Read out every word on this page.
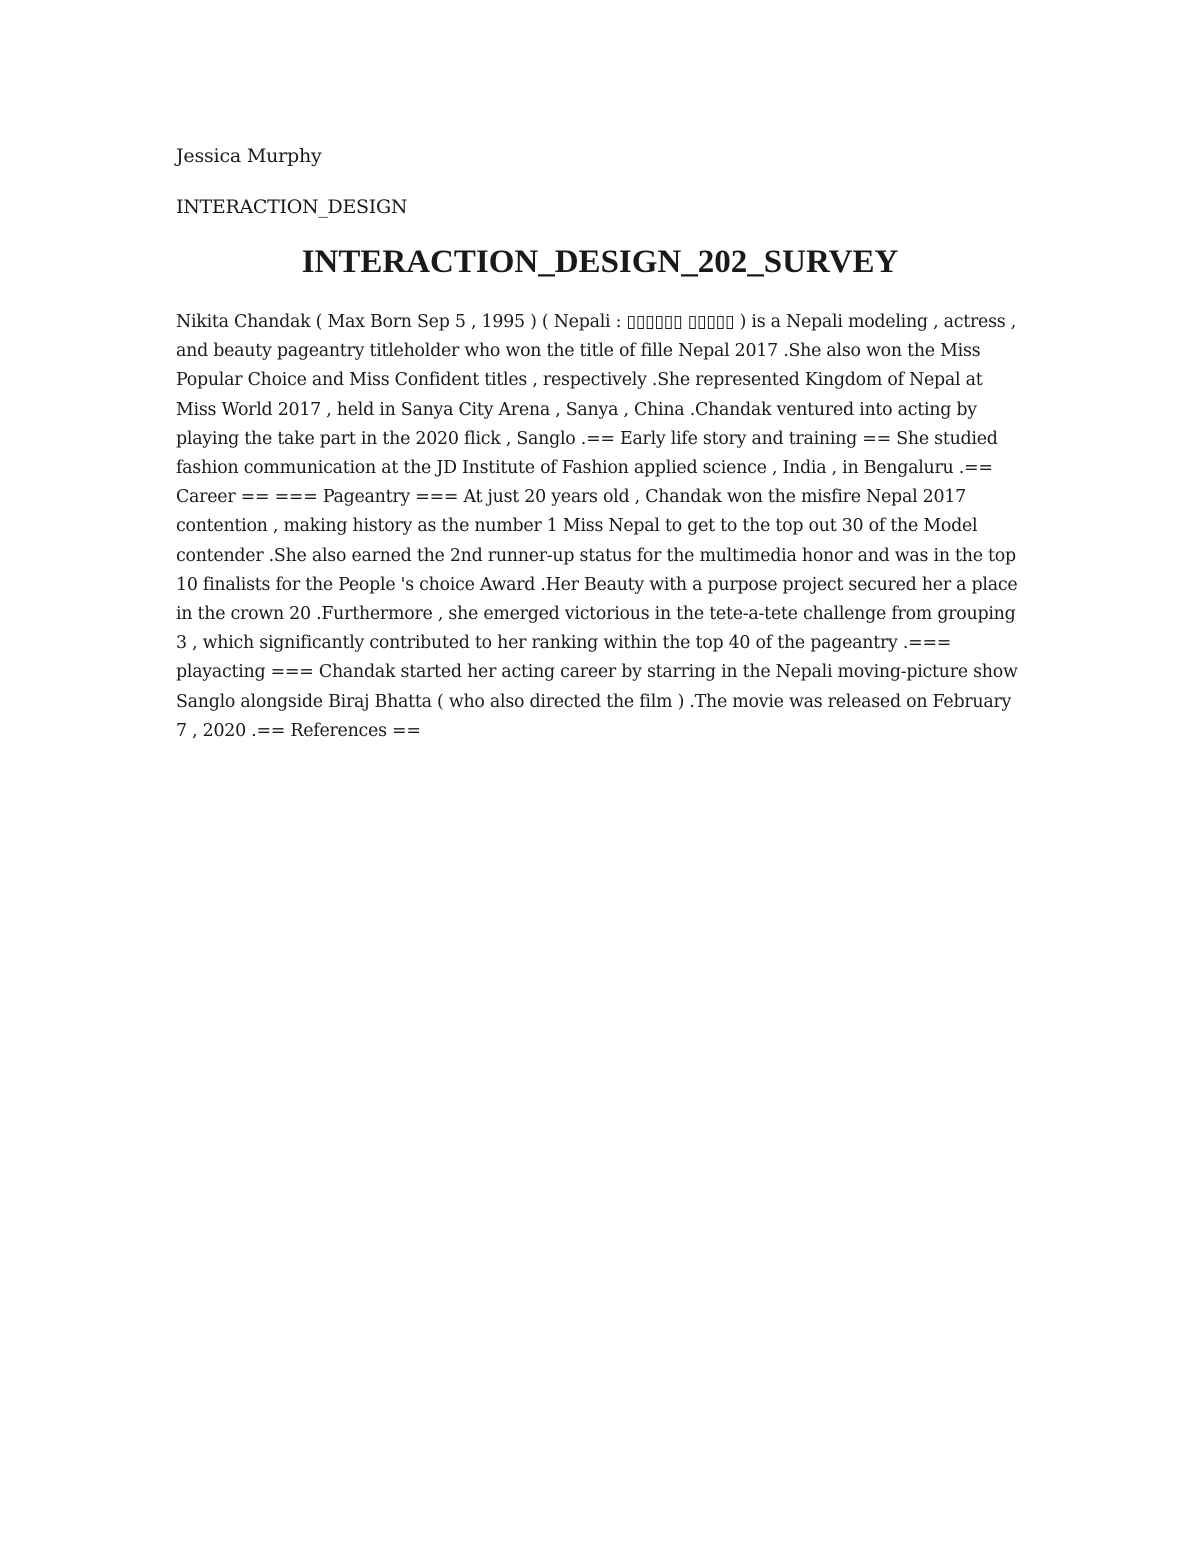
Jessica Murphy
INTERACTION_DESIGN
INTERACTION_DESIGN_202_SURVEY

Nikita Chandak ( Max Born Sep 5 , 1995 ) ( Nepali : ▯▯▯▯▯▯ ▯▯▯▯▯ ) is a Nepali modeling , actress , and beauty pageantry titleholder who won the title of fille Nepal 2017 .She also won the Miss Popular Choice and Miss Confident titles , respectively .She represented Kingdom of Nepal at Miss World 2017 , held in Sanya City Arena , Sanya , China .Chandak ventured into acting by playing the take part in the 2020 flick , Sanglo .== Early life story and training == She studied fashion communication at the JD Institute of Fashion applied science , India , in Bengaluru .== Career == === Pageantry === At just 20 years old , Chandak won the misfire Nepal 2017 contention , making history as the number 1 Miss Nepal to get to the top out 30 of the Model contender .She also earned the 2nd runner-up status for the multimedia honor and was in the top 10 finalists for the People 's choice Award .Her Beauty with a purpose project secured her a place in the crown 20 .Furthermore , she emerged victorious in the tete-a-tete challenge from grouping 3 , which significantly contributed to her ranking within the top 40 of the pageantry .=== playacting === Chandak started her acting career by starring in the Nepali moving-picture show Sanglo alongside Biraj Bhatta ( who also directed the film ) .The movie was released on February 7 , 2020 .== References ==
